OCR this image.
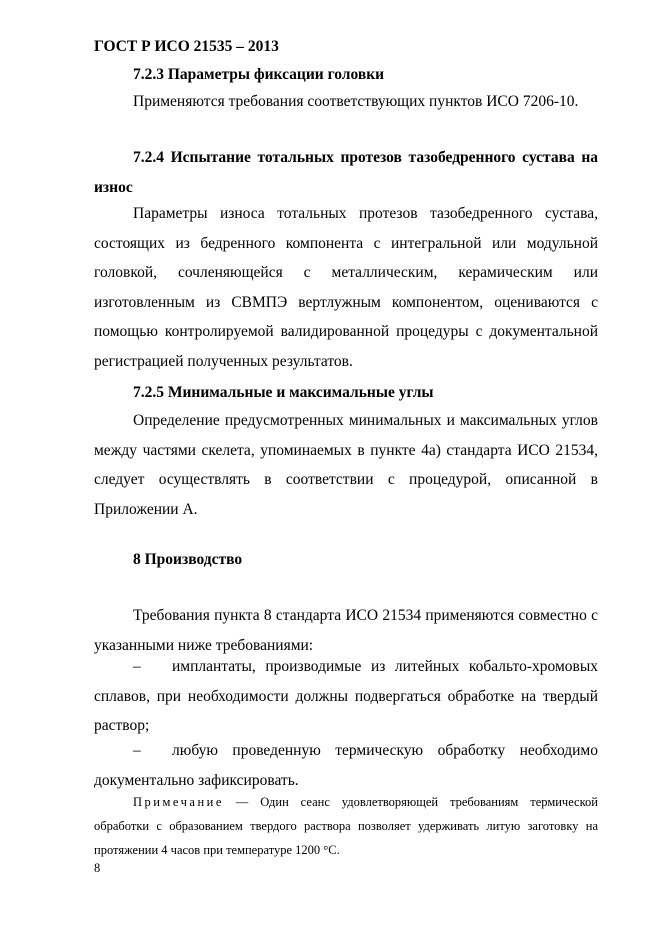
ГОСТ Р ИСО 21535 – 2013
7.2.3 Параметры фиксации головки
Применяются требования соответствующих пунктов ИСО 7206-10.
7.2.4 Испытание тотальных протезов тазобедренного сустава на износ
Параметры износа тотальных протезов тазобедренного сустава, состоящих из бедренного компонента с интегральной или модульной головкой, сочленяющейся с металлическим, керамическим или изготовленным из СВМПЭ вертлужным компонентом, оцениваются с помощью контролируемой валидированной процедуры с документальной регистрацией полученных результатов.
7.2.5 Минимальные и максимальные углы
Определение предусмотренных минимальных и максимальных углов между частями скелета, упоминаемых в пункте 4а) стандарта ИСО 21534, следует осуществлять в соответствии с процедурой, описанной в Приложении А.
8 Производство
Требования пункта 8 стандарта ИСО 21534 применяются совместно с указанными ниже требованиями:
– имплантаты, производимые из литейных кобальто-хромовых сплавов, при необходимости должны подвергаться обработке на твердый раствор;
– любую проведенную термическую обработку необходимо документально зафиксировать.
Примечание — Один сеанс удовлетворяющей требованиям термической обработки с образованием твердого раствора позволяет удерживать литую заготовку на протяжении 4 часов при температуре 1200 °С.
8
